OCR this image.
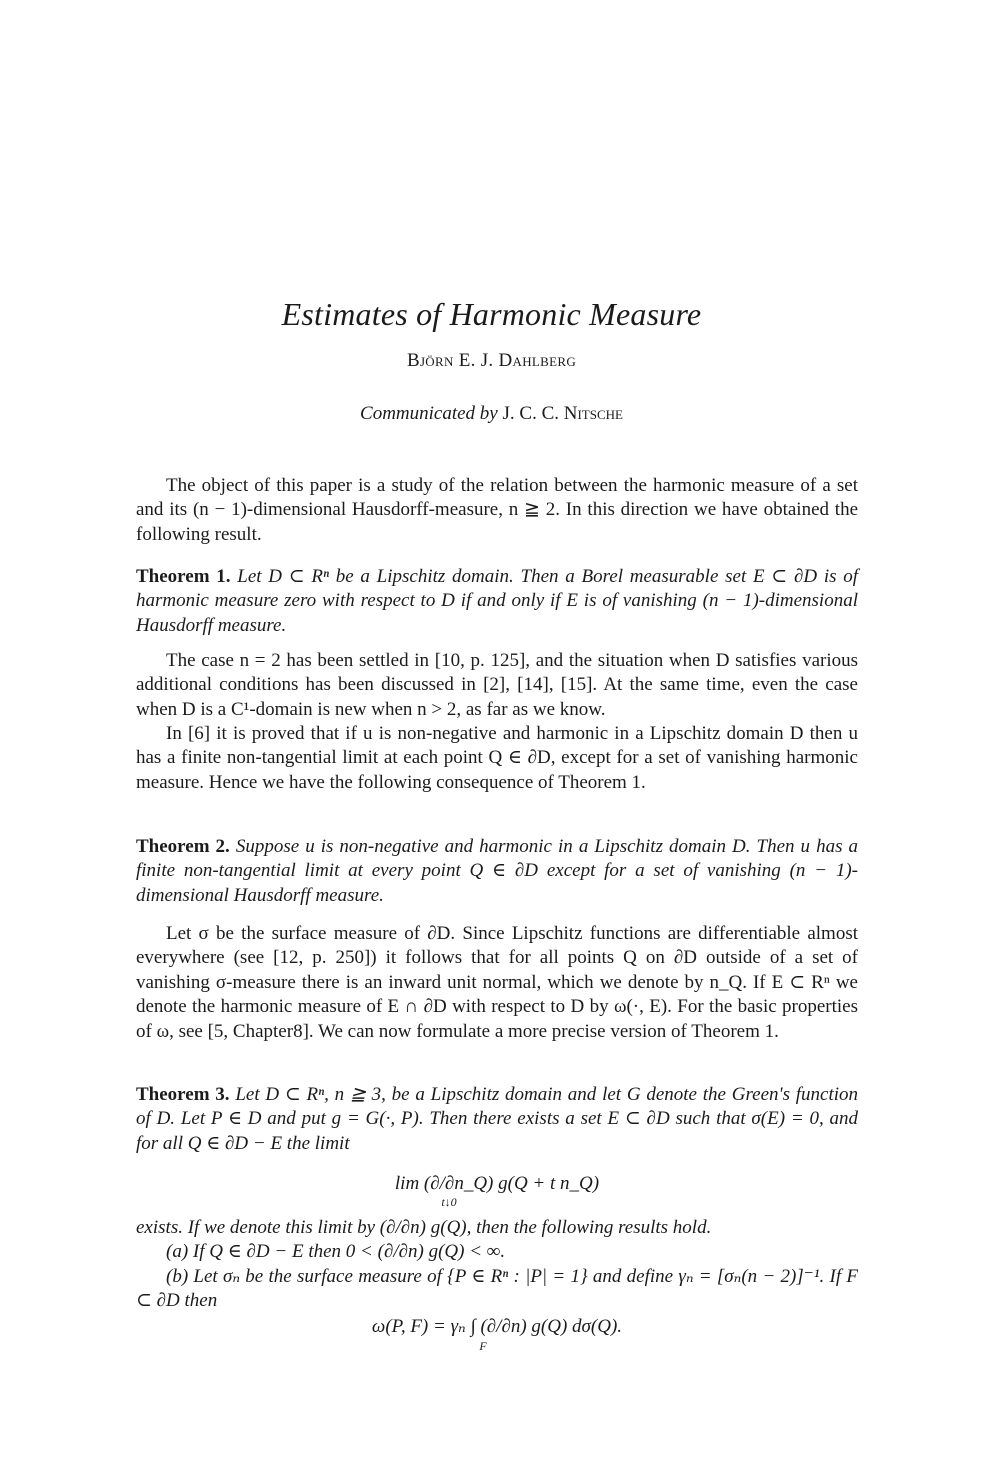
Estimates of Harmonic Measure
Björn E. J. Dahlberg
Communicated by J. C. C. Nitsche
The object of this paper is a study of the relation between the harmonic measure of a set and its (n − 1)-dimensional Hausdorff-measure, n ≧ 2. In this direction we have obtained the following result.
Theorem 1. Let D ⊂ Rⁿ be a Lipschitz domain. Then a Borel measurable set E ⊂ ∂D is of harmonic measure zero with respect to D if and only if E is of vanishing (n − 1)-dimensional Hausdorff measure.
The case n = 2 has been settled in [10, p. 125], and the situation when D satisfies various additional conditions has been discussed in [2], [14], [15]. At the same time, even the case when D is a C¹-domain is new when n > 2, as far as we know.
In [6] it is proved that if u is non-negative and harmonic in a Lipschitz domain D then u has a finite non-tangential limit at each point Q ∈ ∂D, except for a set of vanishing harmonic measure. Hence we have the following consequence of Theorem 1.
Theorem 2. Suppose u is non-negative and harmonic in a Lipschitz domain D. Then u has a finite non-tangential limit at every point Q ∈ ∂D except for a set of vanishing (n − 1)-dimensional Hausdorff measure.
Let σ be the surface measure of ∂D. Since Lipschitz functions are differentiable almost everywhere (see [12, p. 250]) it follows that for all points Q on ∂D outside of a set of vanishing σ-measure there is an inward unit normal, which we denote by n_Q. If E ⊂ Rⁿ we denote the harmonic measure of E ∩ ∂D with respect to D by ω(·, E). For the basic properties of ω, see [5, Chapter8]. We can now formulate a more precise version of Theorem 1.
Theorem 3. Let D ⊂ Rⁿ, n ≧ 3, be a Lipschitz domain and let G denote the Green's function of D. Let P ∈ D and put g = G(·, P). Then there exists a set E ⊂ ∂D such that σ(E) = 0, and for all Q ∈ ∂D − E the limit
lim (∂/∂n_Q) g(Q + t n_Q)
t↓0
exists. If we denote this limit by (∂/∂n) g(Q), then the following results hold.
(a) If Q ∈ ∂D − E then 0 < (∂/∂n) g(Q) < ∞.
(b) Let σₙ be the surface measure of {P ∈ Rⁿ : |P| = 1} and define γₙ = [σₙ(n − 2)]⁻¹. If F ⊂ ∂D then
ω(P, F) = γₙ ∫ (∂/∂n) g(Q) dσ(Q).
F
